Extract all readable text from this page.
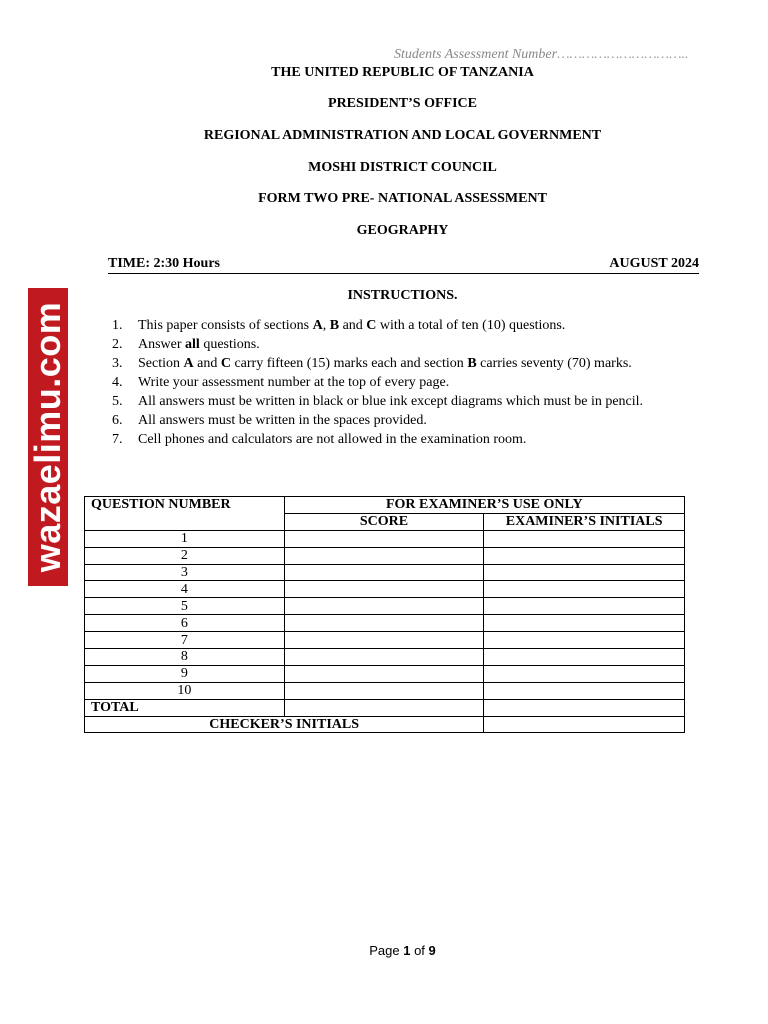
Students Assessment Number…………………………..
THE UNITED REPUBLIC OF TANZANIA
PRESIDENT’S OFFICE
REGIONAL ADMINISTRATION AND LOCAL GOVERNMENT
MOSHI DISTRICT COUNCIL
FORM TWO PRE- NATIONAL ASSESSMENT
GEOGRAPHY
TIME: 2:30 Hours	AUGUST 2024
INSTRUCTIONS.
1. This paper consists of sections A, B and C with a total of ten (10) questions.
2. Answer all questions.
3. Section A and C carry fifteen (15) marks each and section B carries seventy (70) marks.
4. Write your assessment number at the top of every page.
5. All answers must be written in black or blue ink except diagrams which must be in pencil.
6. All answers must be written in the spaces provided.
7. Cell phones and calculators are not allowed in the examination room.
wazaelimu.com QUESTION NUMBER	FOR EXAMINER’S USE ONLY	
	SCORE	EXAMINER’S INITIALS
1		
2		
3		
4		
5		
6		
7		
8		
9		
10		
TOTAL		
CHECKER’S INITIALS		
Page 1 of 9
